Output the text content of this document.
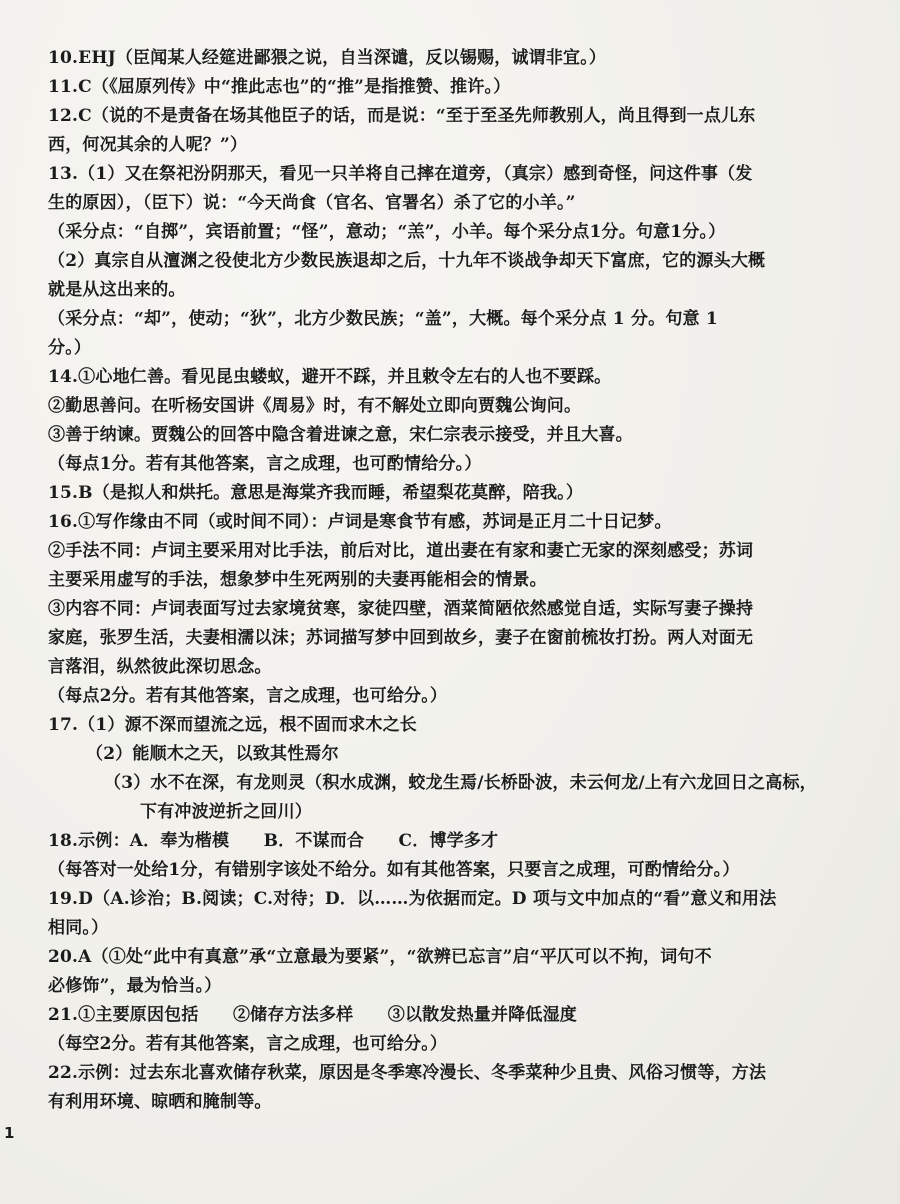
10.EHJ（臣闻某人经筵进鄙猥之说，自当深谴，反以锡赐，诚谓非宜。）
11.C（《屈原列传》中“推此志也”的“推”是指推赞、推许。）
12.C（说的不是责备在场其他臣子的话，而是说：“至于至圣先师教别人，尚且得到一点儿东
西，何况其余的人呢？”）
13.（1）又在祭祀汾阴那天，看见一只羊将自己摔在道旁，（真宗）感到奇怪，问这件事（发
生的原因），（臣下）说：“今天尚食（官名、官署名）杀了它的小羊。”
（采分点：“自掷”，宾语前置；“怪”，意动；“羔”，小羊。每个采分点1分。句意1分。）
（2）真宗自从澶渊之役使北方少数民族退却之后，十九年不谈战争却天下富庶，它的源头大概
就是从这出来的。
（采分点：“却”，使动；“狄”，北方少数民族；“盖”，大概。每个采分点 1 分。句意 1
分。）
14.①心地仁善。看见昆虫蝼蚁，避开不踩，并且敕令左右的人也不要踩。
②勤思善问。在听杨安国讲《周易》时，有不解处立即向贾魏公询问。
③善于纳谏。贾魏公的回答中隐含着进谏之意，宋仁宗表示接受，并且大喜。
（每点1分。若有其他答案，言之成理，也可酌情给分。）
15.B（是拟人和烘托。意思是海棠齐我而睡，希望梨花莫醉，陪我。）
16.①写作缘由不同（或时间不同）：卢词是寒食节有感，苏词是正月二十日记梦。
②手法不同：卢词主要采用对比手法，前后对比，道出妻在有家和妻亡无家的深刻感受；苏词
主要采用虚写的手法，想象梦中生死两别的夫妻再能相会的情景。
③内容不同：卢词表面写过去家境贫寒，家徒四壁，酒菜简陋依然感觉自适，实际写妻子操持
家庭，张罗生活，夫妻相濡以沫；苏词描写梦中回到故乡，妻子在窗前梳妆打扮。两人对面无
言落泪，纵然彼此深切思念。
（每点2分。若有其他答案，言之成理，也可给分。）
17.（1）源不深而望流之远，根不固而求木之长
（2）能顺木之天，以致其性焉尔
（3）水不在深，有龙则灵（积水成渊，蛟龙生焉/长桥卧波，未云何龙/上有六龙回日之高标，
下有冲波逆折之回川）
18.示例：A．奉为楷模　　B．不谋而合　　C．博学多才
（每答对一处给1分，有错别字该处不给分。如有其他答案，只要言之成理，可酌情给分。）
19.D（A.诊治；B.阅读；C.对待；D．以……为依据而定。D 项与文中加点的“看”意义和用法
相同。）
20.A（①处“此中有真意”承“立意最为要紧”，“欲辨已忘言”启“平仄可以不拘，词句不
必修饰”，最为恰当。）
21.①主要原因包括　　②储存方法多样　　③以散发热量并降低湿度
（每空2分。若有其他答案，言之成理，也可给分。）
22.示例：过去东北喜欢储存秋菜，原因是冬季寒冷漫长、冬季菜种少且贵、风俗习惯等，方法
有利用环境、晾晒和腌制等。
1
